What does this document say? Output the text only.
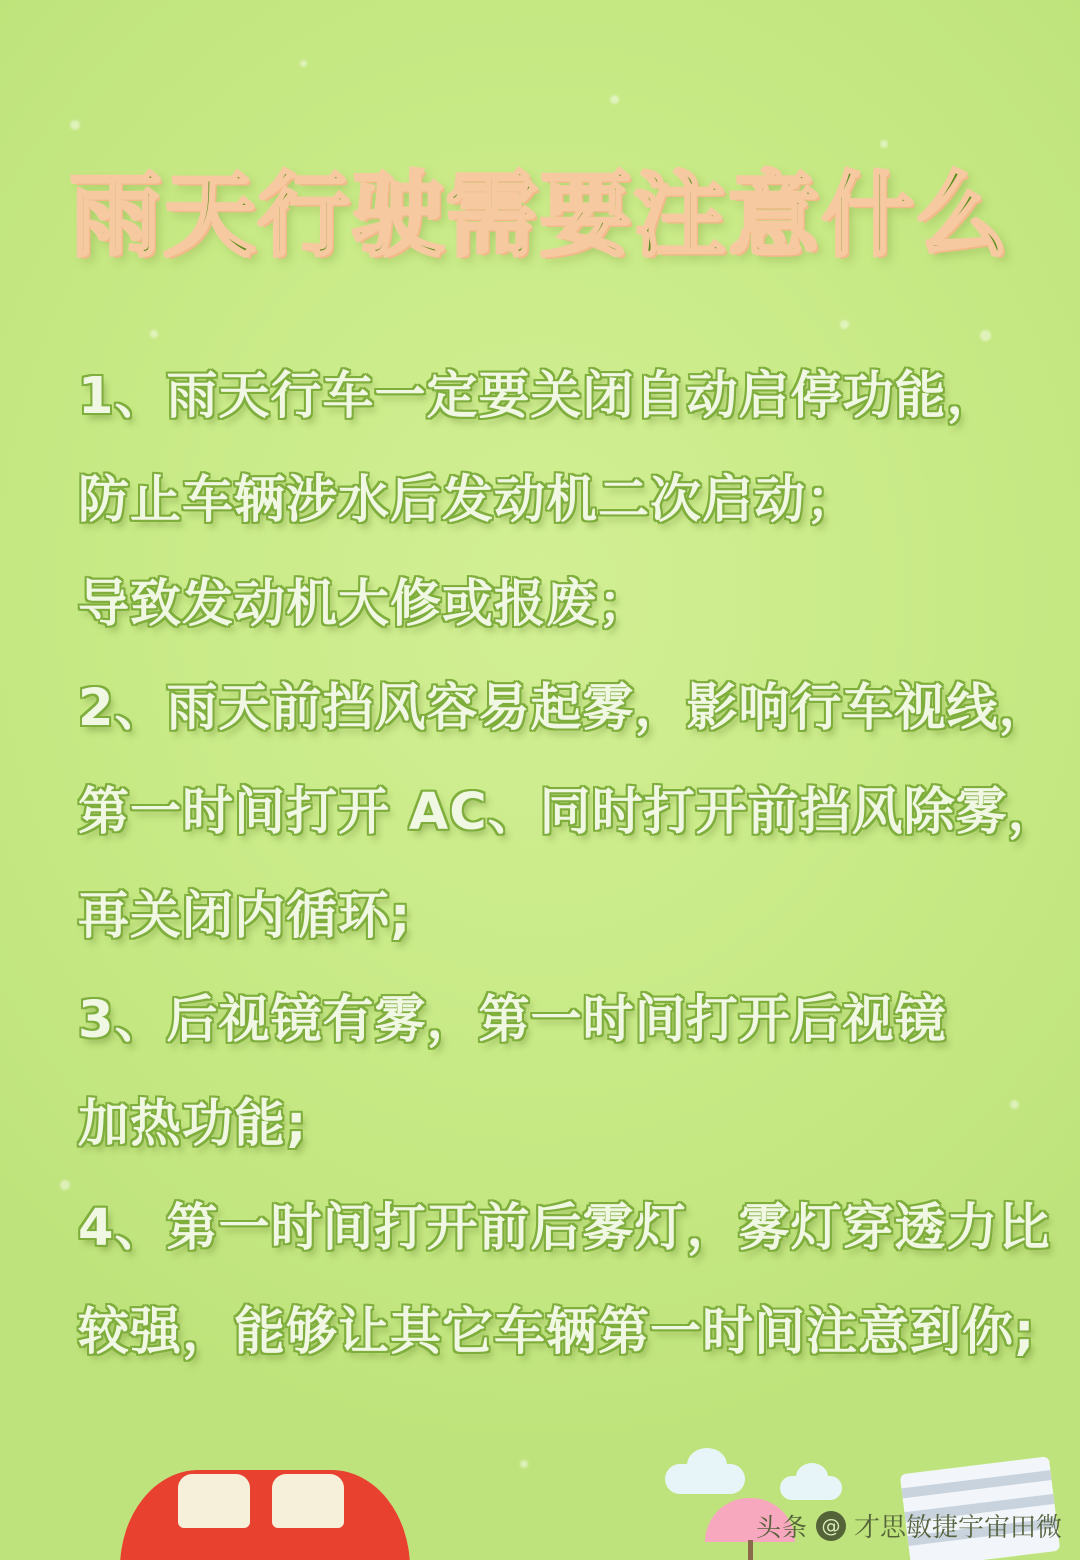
雨天行驶需要注意什么
1、雨天行车一定要关闭自动启停功能，
防止车辆涉水后发动机二次启动；
导致发动机大修或报废；
2、雨天前挡风容易起雾，影响行车视线，
第一时间打开 AC、同时打开前挡风除雾，
再关闭内循环;
3、后视镜有雾，第一时间打开后视镜
加热功能;
4、第一时间打开前后雾灯，雾灯穿透力比
较强，能够让其它车辆第一时间注意到你;
头条 @ 才思敏捷宇宙田微
